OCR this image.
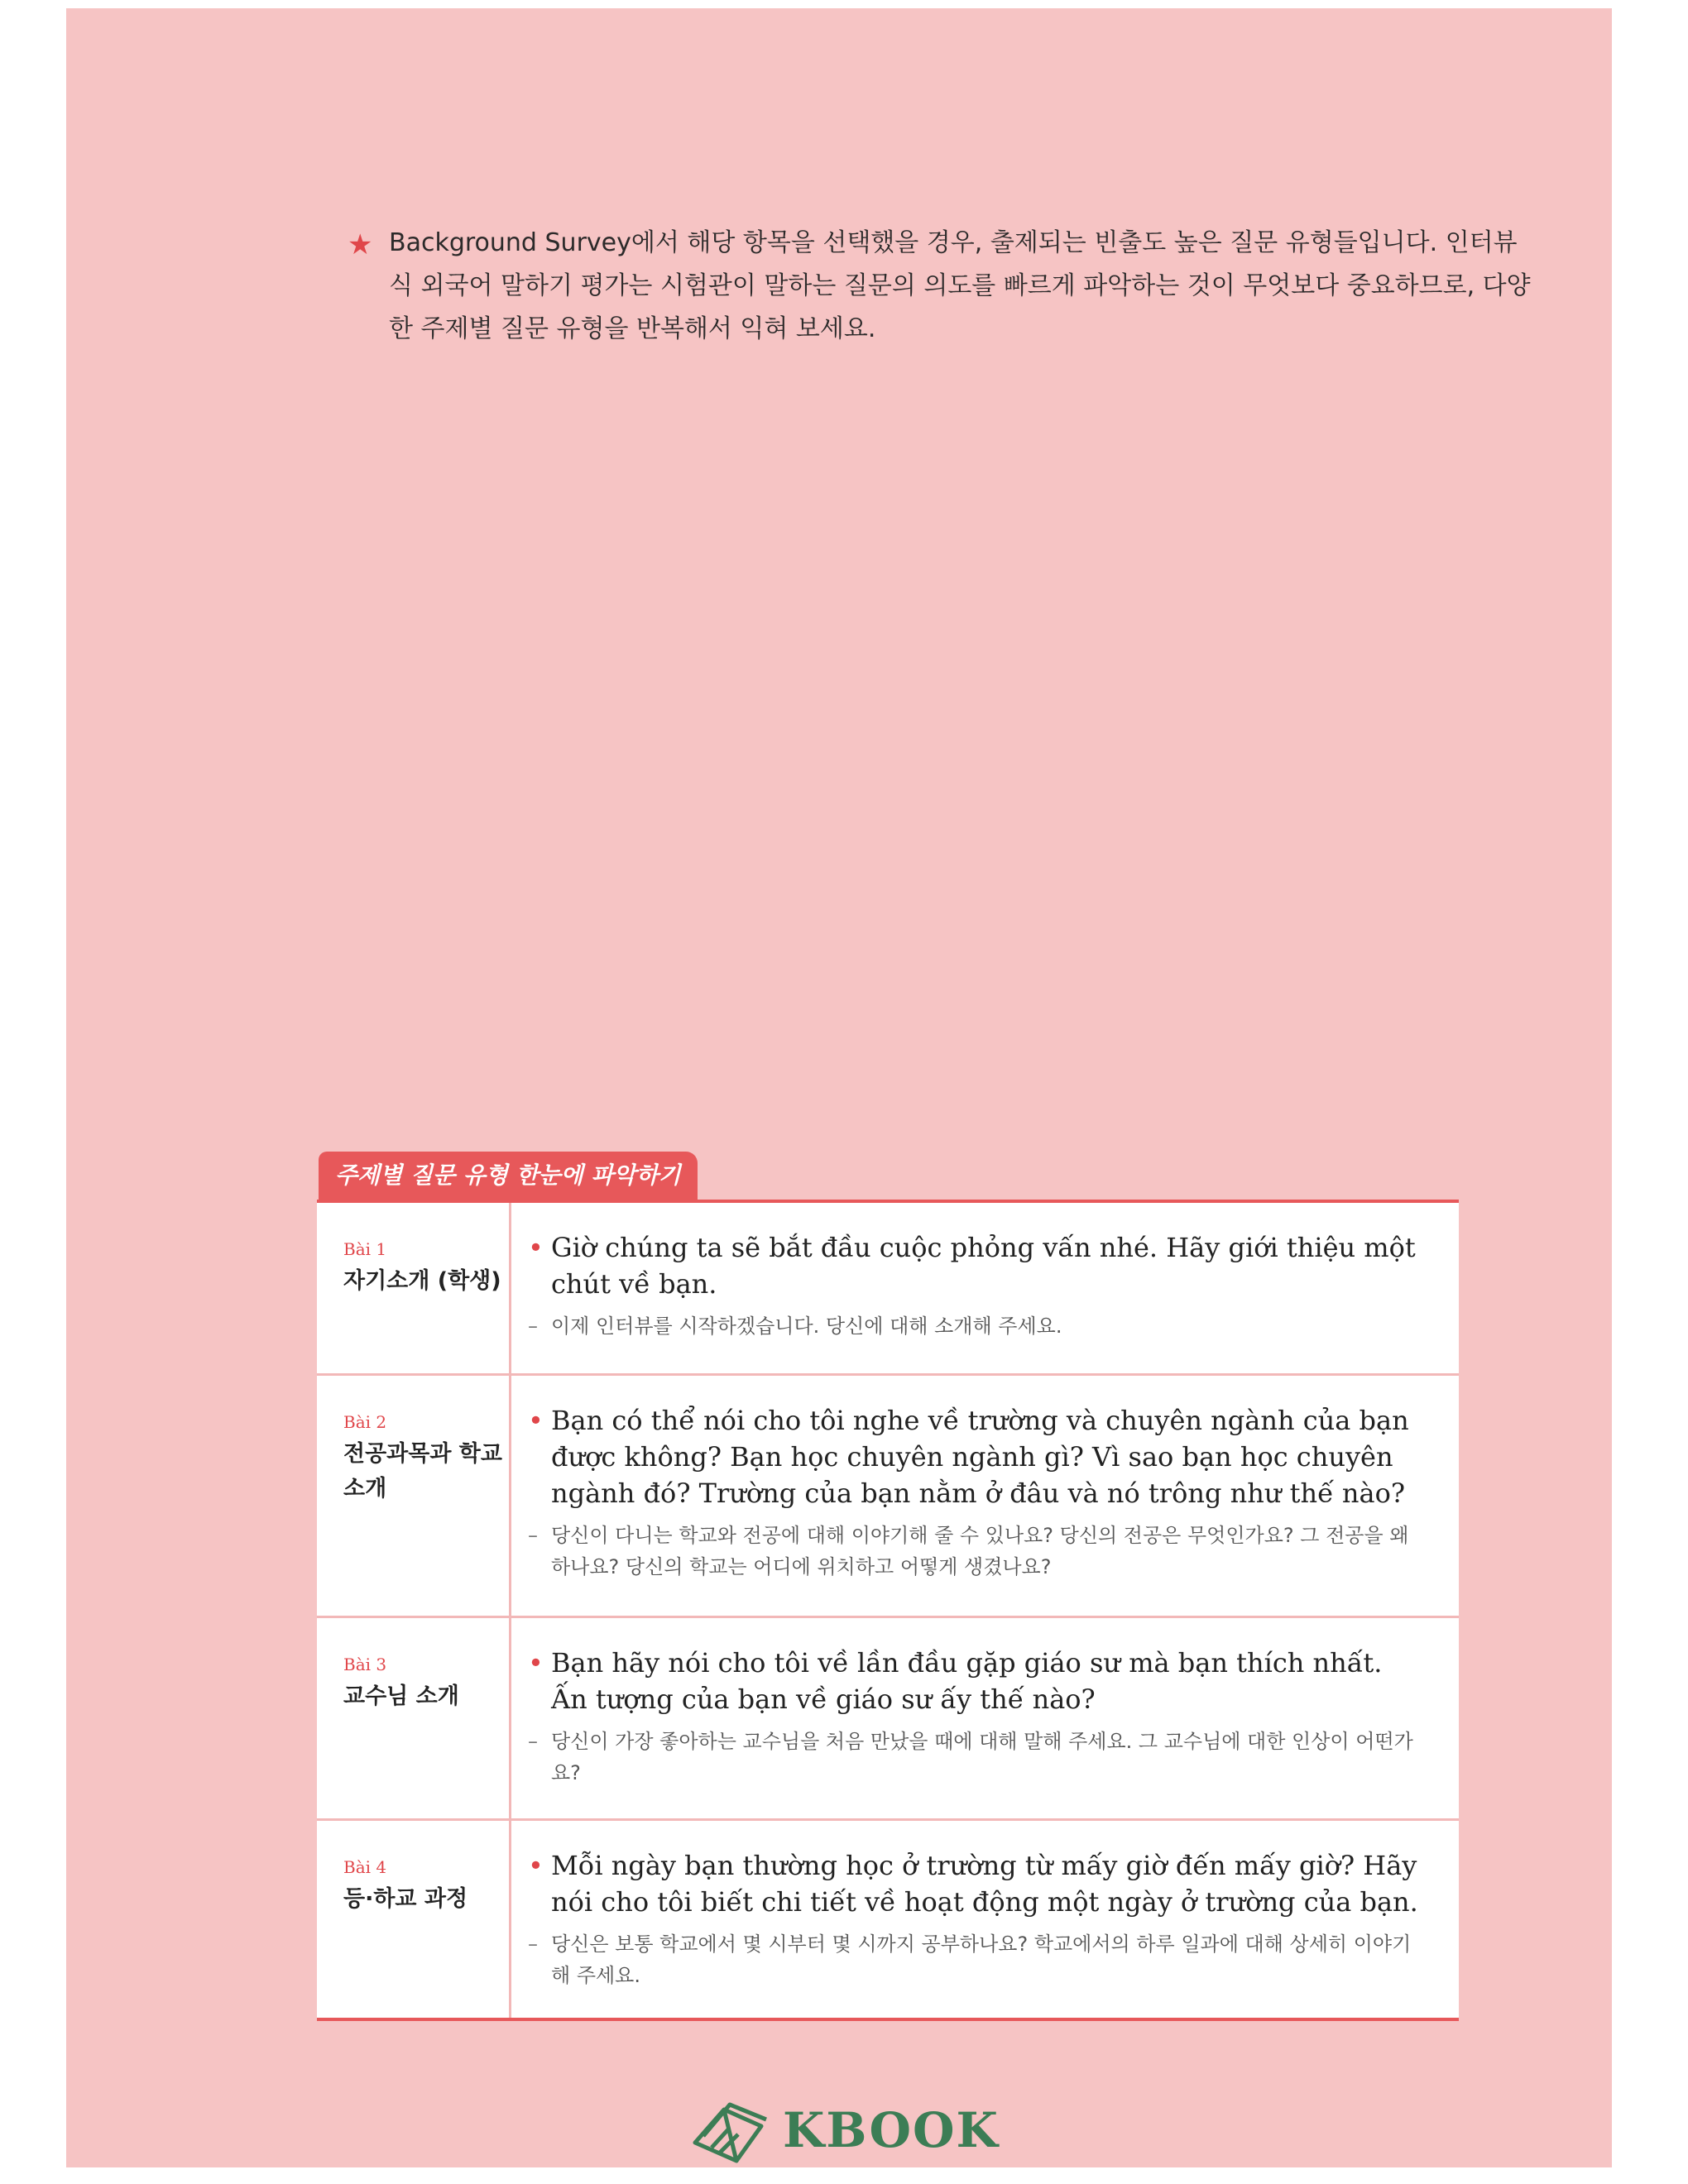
★ Background Survey에서 해당 항목을 선택했을 경우, 출제되는 빈출도 높은 질문 유형들입니다. 인터뷰식 외국어 말하기 평가는 시험관이 말하는 질문의 의도를 빠르게 파악하는 것이 무엇보다 중요하므로, 다양한 주제별 질문 유형을 반복해서 익혀 보세요.
주제별 질문 유형 한눈에 파악하기
Bài 1
자기소개 (학생)
• Giờ chúng ta sẽ bắt đầu cuộc phỏng vấn nhé. Hãy giới thiệu một chút về bạn.
– 이제 인터뷰를 시작하겠습니다. 당신에 대해 소개해 주세요.
Bài 2
전공과목과 학교 소개
• Bạn có thể nói cho tôi nghe về trường và chuyên ngành của bạn được không? Bạn học chuyên ngành gì? Vì sao bạn học chuyên ngành đó? Trường của bạn nằm ở đâu và nó trông như thế nào?
– 당신이 다니는 학교와 전공에 대해 이야기해 줄 수 있나요? 당신의 전공은 무엇인가요? 그 전공을 왜 하나요? 당신의 학교는 어디에 위치하고 어떻게 생겼나요?
Bài 3
교수님 소개
• Bạn hãy nói cho tôi về lần đầu gặp giáo sư mà bạn thích nhất. Ấn tượng của bạn về giáo sư ấy thế nào?
– 당신이 가장 좋아하는 교수님을 처음 만났을 때에 대해 말해 주세요. 그 교수님에 대한 인상이 어떤가요?
Bài 4
등·하교 과정
• Mỗi ngày bạn thường học ở trường từ mấy giờ đến mấy giờ? Hãy nói cho tôi biết chi tiết về hoạt động một ngày ở trường của bạn.
– 당신은 보통 학교에서 몇 시부터 몇 시까지 공부하나요? 학교에서의 하루 일과에 대해 상세히 이야기해 주세요.
KBOOK
